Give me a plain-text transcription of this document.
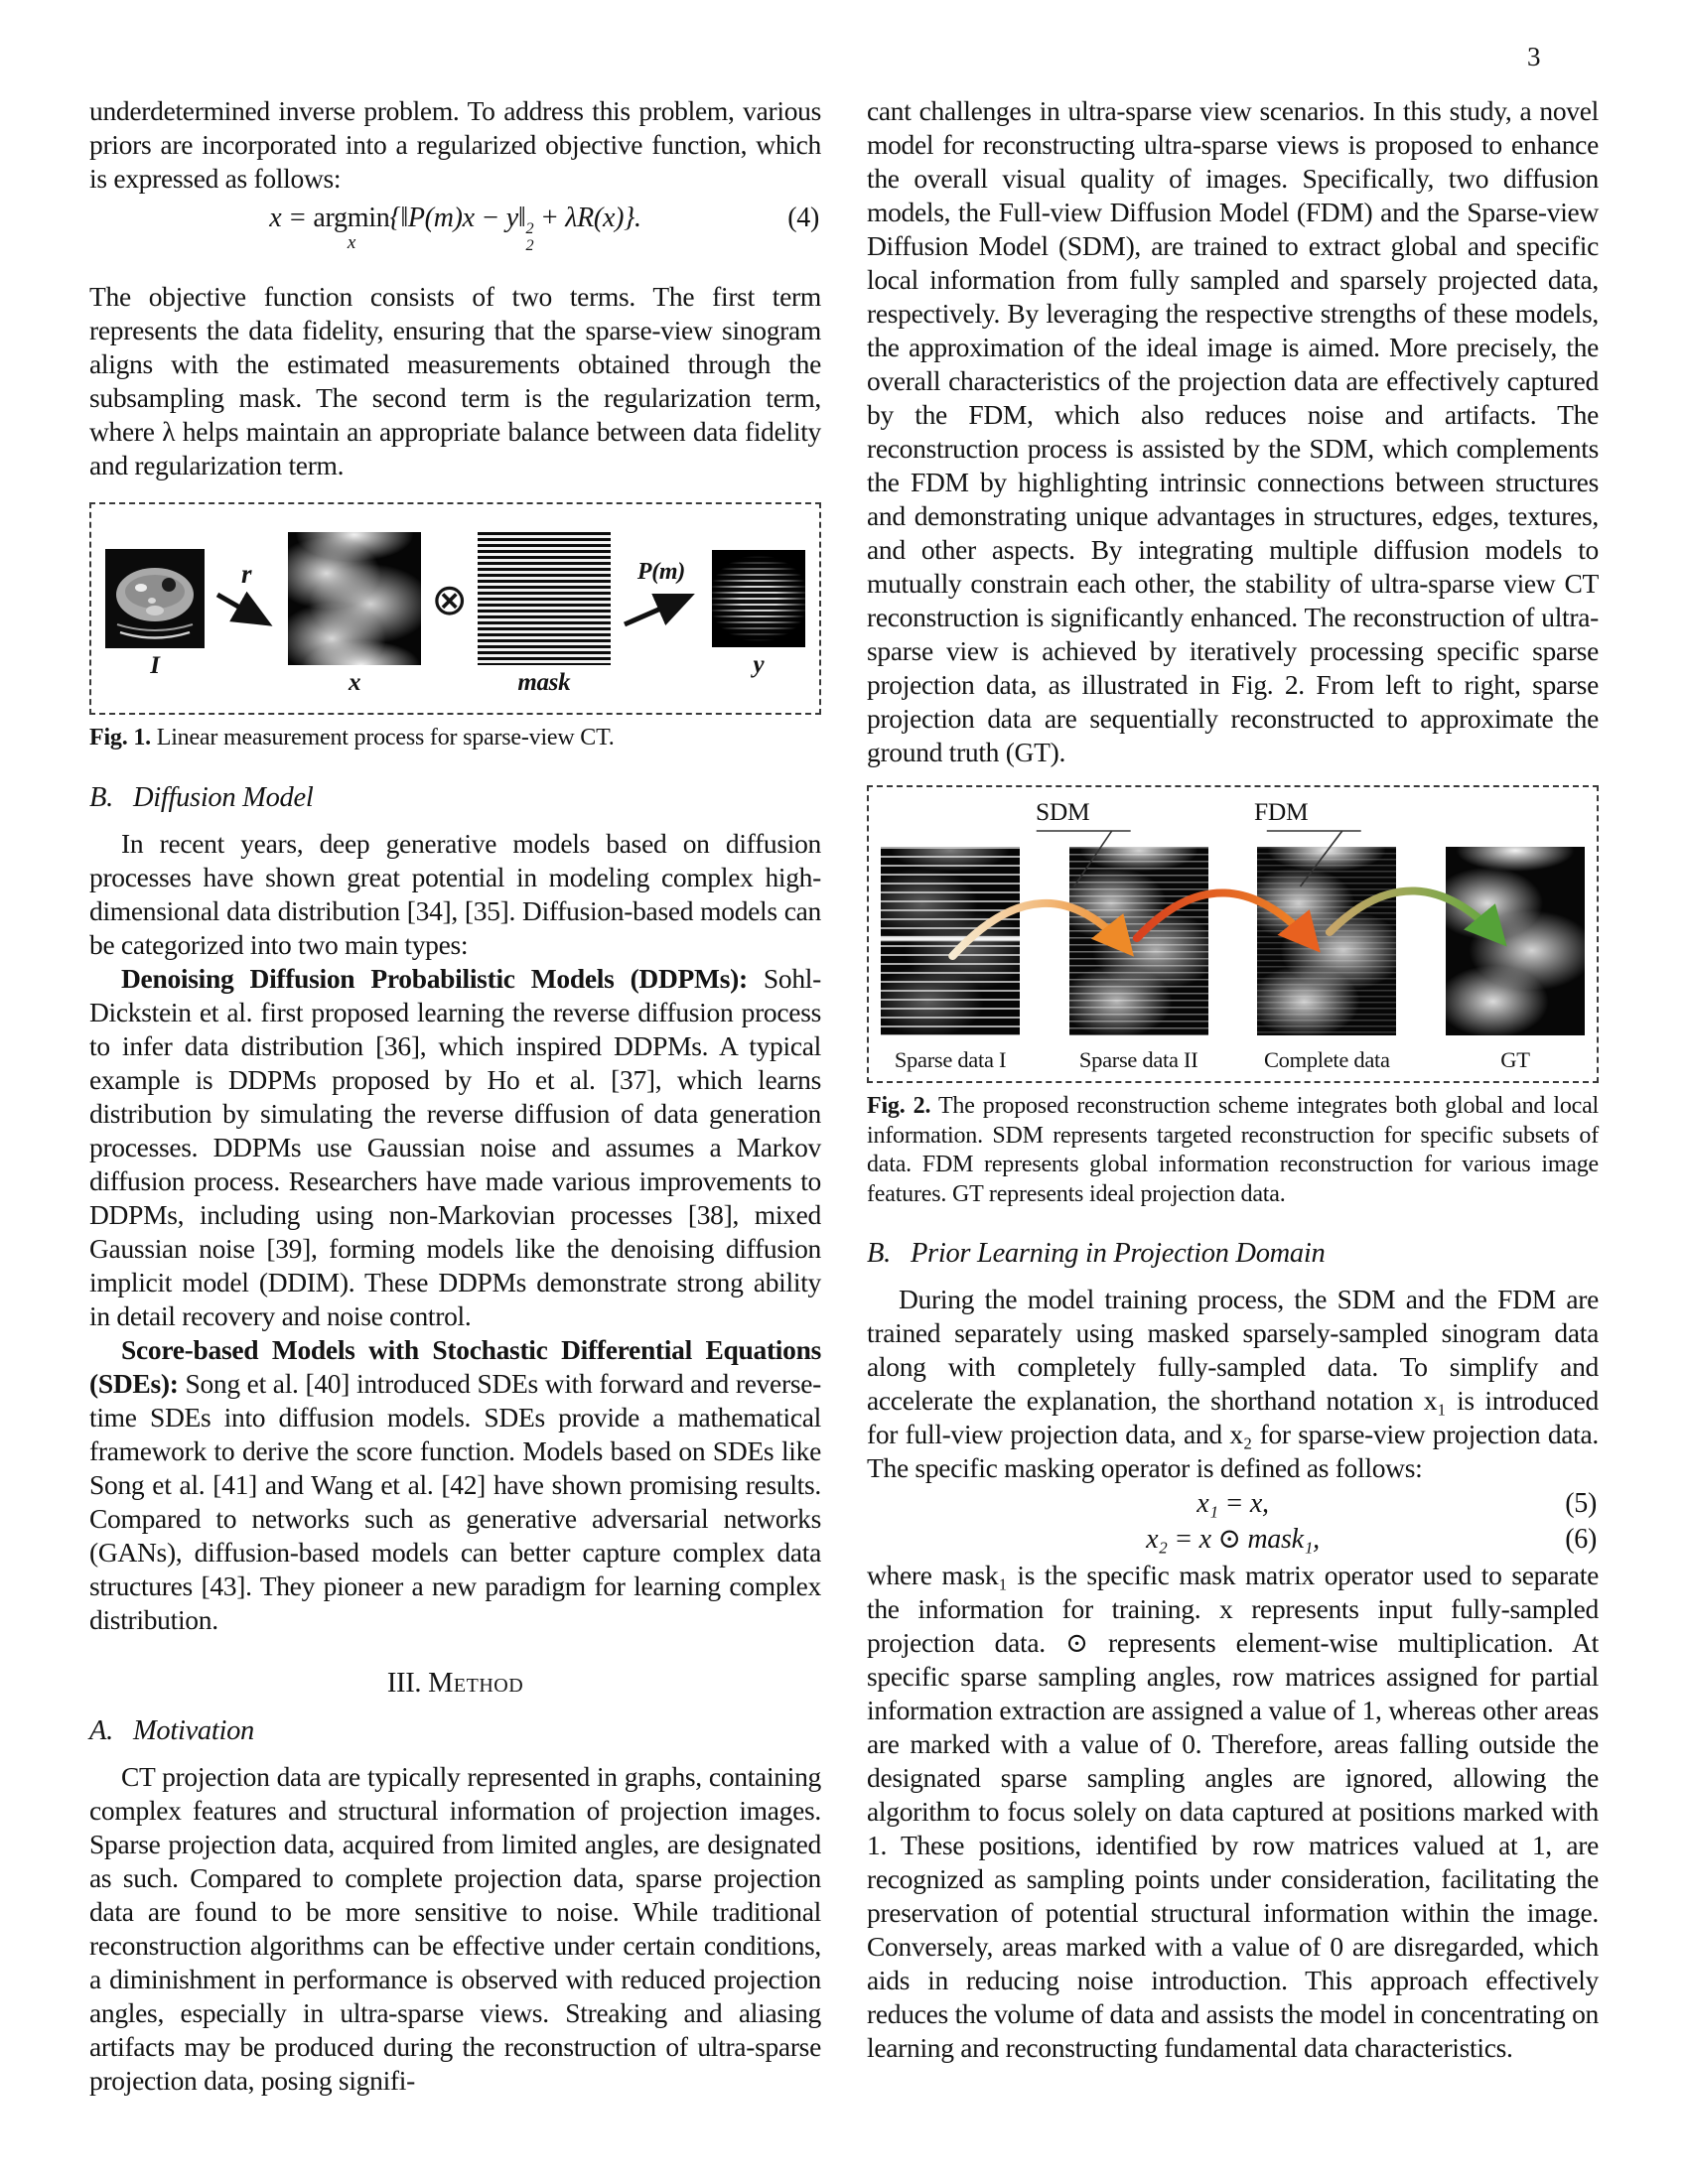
3

underdetermined inverse problem. To address this problem, various priors are incorporated into a regularized objective function, which is expressed as follows:

x = argmin
x
{‖P(m)x − y‖ 2
2
+ λR(x)}.	(4)

The objective function consists of two terms. The first term represents the data fidelity, ensuring that the sparse-view sinogram aligns with the estimated measurements obtained through the subsampling mask. The second term is the regularization term, where λ helps maintain an appropriate balance between data fidelity and regularization term.

I
r
x
⊗
mask
P(m)
y
Fig. 1. Linear measurement process for sparse-view CT.
B. Diffusion Model

In recent years, deep generative models based on diffusion processes have shown great potential in modeling complex high-dimensional data distribution [34], [35]. Diffusion-based models can be categorized into two main types:

Denoising Diffusion Probabilistic Models (DDPMs): Sohl-Dickstein et al. first proposed learning the reverse diffusion process to infer data distribution [36], which inspired DDPMs. A typical example is DDPMs proposed by Ho et al. [37], which learns distribution by simulating the reverse diffusion of data generation processes. DDPMs use Gaussian noise and assumes a Markov diffusion process. Researchers have made various improvements to DDPMs, including using non-Markovian processes [38], mixed Gaussian noise [39], forming models like the denoising diffusion implicit model (DDIM). These DDPMs demonstrate strong ability in detail recovery and noise control.

Score-based Models with Stochastic Differential Equations (SDEs): Song et al. [40] introduced SDEs with forward and reverse-time SDEs into diffusion models. SDEs provide a mathematical framework to derive the score function. Models based on SDEs like Song et al. [41] and Wang et al. [42] have shown promising results. Compared to networks such as generative adversarial networks (GANs), diffusion-based models can better capture complex data structures [43]. They pioneer a new paradigm for learning complex distribution.

III. Method
A. Motivation

CT projection data are typically represented in graphs, containing complex features and structural information of projection images. Sparse projection data, acquired from limited angles, are designated as such. Compared to complete projection data, sparse projection data are found to be more sensitive to noise. While traditional reconstruction algorithms can be effective under certain conditions, a diminishment in performance is observed with reduced projection angles, especially in ultra-sparse views. Streaking and aliasing artifacts may be produced during the reconstruction of ultra-sparse projection data, posing signifi-

cant challenges in ultra-sparse view scenarios. In this study, a novel model for reconstructing ultra-sparse views is proposed to enhance the overall visual quality of images. Specifically, two diffusion models, the Full-view Diffusion Model (FDM) and the Sparse-view Diffusion Model (SDM), are trained to extract global and specific local information from fully sampled and sparsely projected data, respectively. By leveraging the respective strengths of these models, the approximation of the ideal image is aimed. More precisely, the overall characteristics of the projection data are effectively captured by the FDM, which also reduces noise and artifacts. The reconstruction process is assisted by the SDM, which complements the FDM by highlighting intrinsic connections between structures and demonstrating unique advantages in structures, edges, textures, and other aspects. By integrating multiple diffusion models to mutually constrain each other, the stability of ultra-sparse view CT reconstruction is significantly enhanced. The reconstruction of ultra-sparse view is achieved by iteratively processing specific sparse projection data, as illustrated in Fig. 2. From left to right, sparse projection data are sequentially reconstructed to approximate the ground truth (GT).

SDM	FDM
Sparse data I	Sparse data II	Complete data	GT
Fig. 2. The proposed reconstruction scheme integrates both global and local information. SDM represents targeted reconstruction for specific subsets of data. FDM represents global information reconstruction for various image features. GT represents ideal projection data.
B. Prior Learning in Projection Domain

During the model training process, the SDM and the FDM are trained separately using masked sparsely-sampled sinogram data along with completely fully-sampled data. To simplify and accelerate the explanation, the shorthand notation x₁ is introduced for full-view projection data, and x₂ for sparse-view projection data. The specific masking operator is defined as follows:

x₁ = x,	(5)
x₂ = x ⊙ mask₁,	(6)

where mask₁ is the specific mask matrix operator used to separate the information for training. x represents input fully-sampled projection data. ⊙ represents element-wise multiplication. At specific sparse sampling angles, row matrices assigned for partial information extraction are assigned a value of 1, whereas other areas are marked with a value of 0. Therefore, areas falling outside the designated sparse sampling angles are ignored, allowing the algorithm to focus solely on data captured at positions marked with 1. These positions, identified by row matrices valued at 1, are recognized as sampling points under consideration, facilitating the preservation of potential structural information within the image. Conversely, areas marked with a value of 0 are disregarded, which aids in reducing noise introduction. This approach effectively reduces the volume of data and assists the model in concentrating on learning and reconstructing fundamental data characteristics.
